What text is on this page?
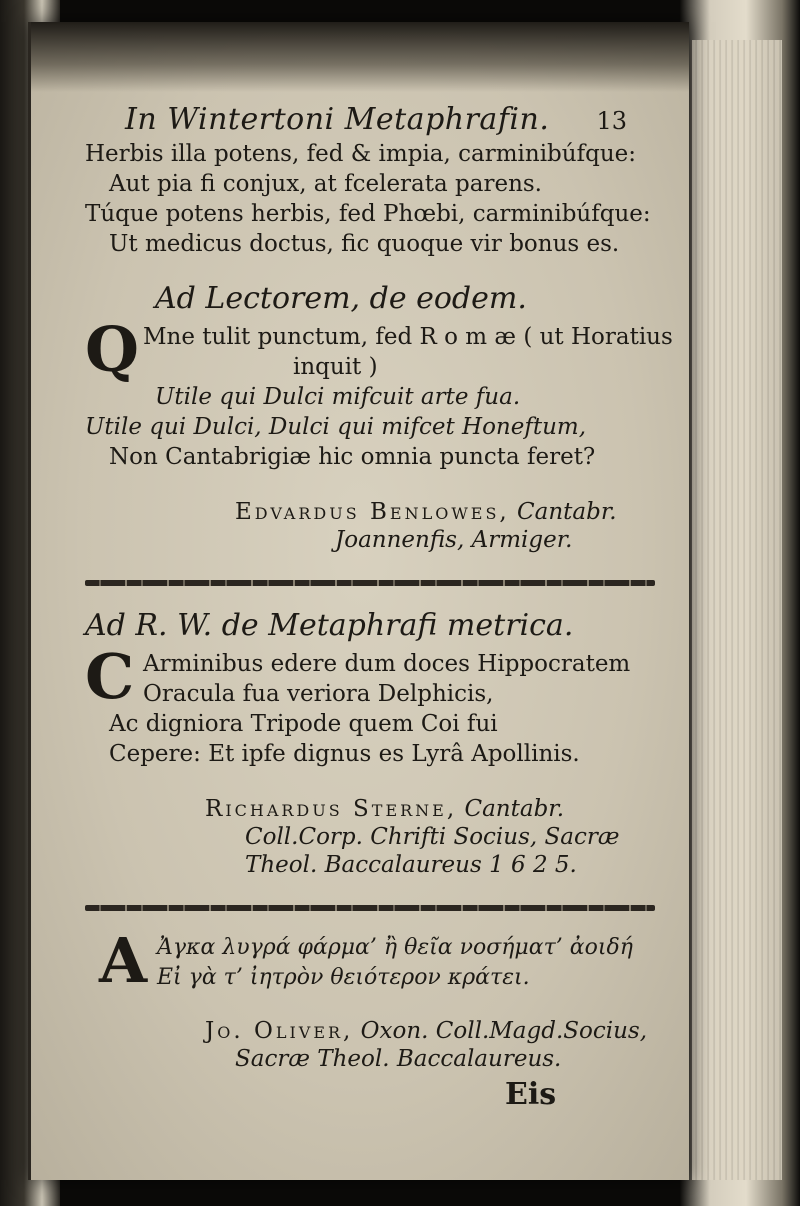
In Wintertoni Metaphrafin. 13
Herbis illa potens, fed & impia, carminibúfque:
Aut pia fi conjux, at fcelerata parens.
Túque potens herbis, fed Phœbi, carminibúfque:
Ut medicus doctus, fic quoque vir bonus es.
Ad Lectorem, de eodem.
Q Mne tulit punctum, fed R o m æ ( ut Horatius
inquit )
Utile qui Dulci mifcuit arte fua.
Utile qui Dulci, Dulci qui mifcet Honeftum,
Non Cantabrigiæ hic omnia puncta feret?
Edvardus Benlowes, Cantabr.
Joannenfis, Armiger.
Ad R. W. de Metaphrafi metrica.
C Arminibus edere dum doces Hippocratem
Oracula fua veriora Delphicis,
Ac digniora Tripode quem Coi fui
Cepere: Et ipfe dignus es Lyrâ Apollinis.
Richardus Sterne, Cantabr.
Coll.Corp. Chrifti Socius, Sacræ
Theol. Baccalaureus 1 6 2 5.
A Ἀγκα λυγρά φάρμα’ ἢ θεῖα νοσήματ’ ἀοιδή
Εἰ γὰ τ’ ἰητρὸν θειότερον κράτει.
Jo. Oliver, Oxon. Coll.Magd.Socius,
Sacræ Theol. Baccalaureus.
Eis
